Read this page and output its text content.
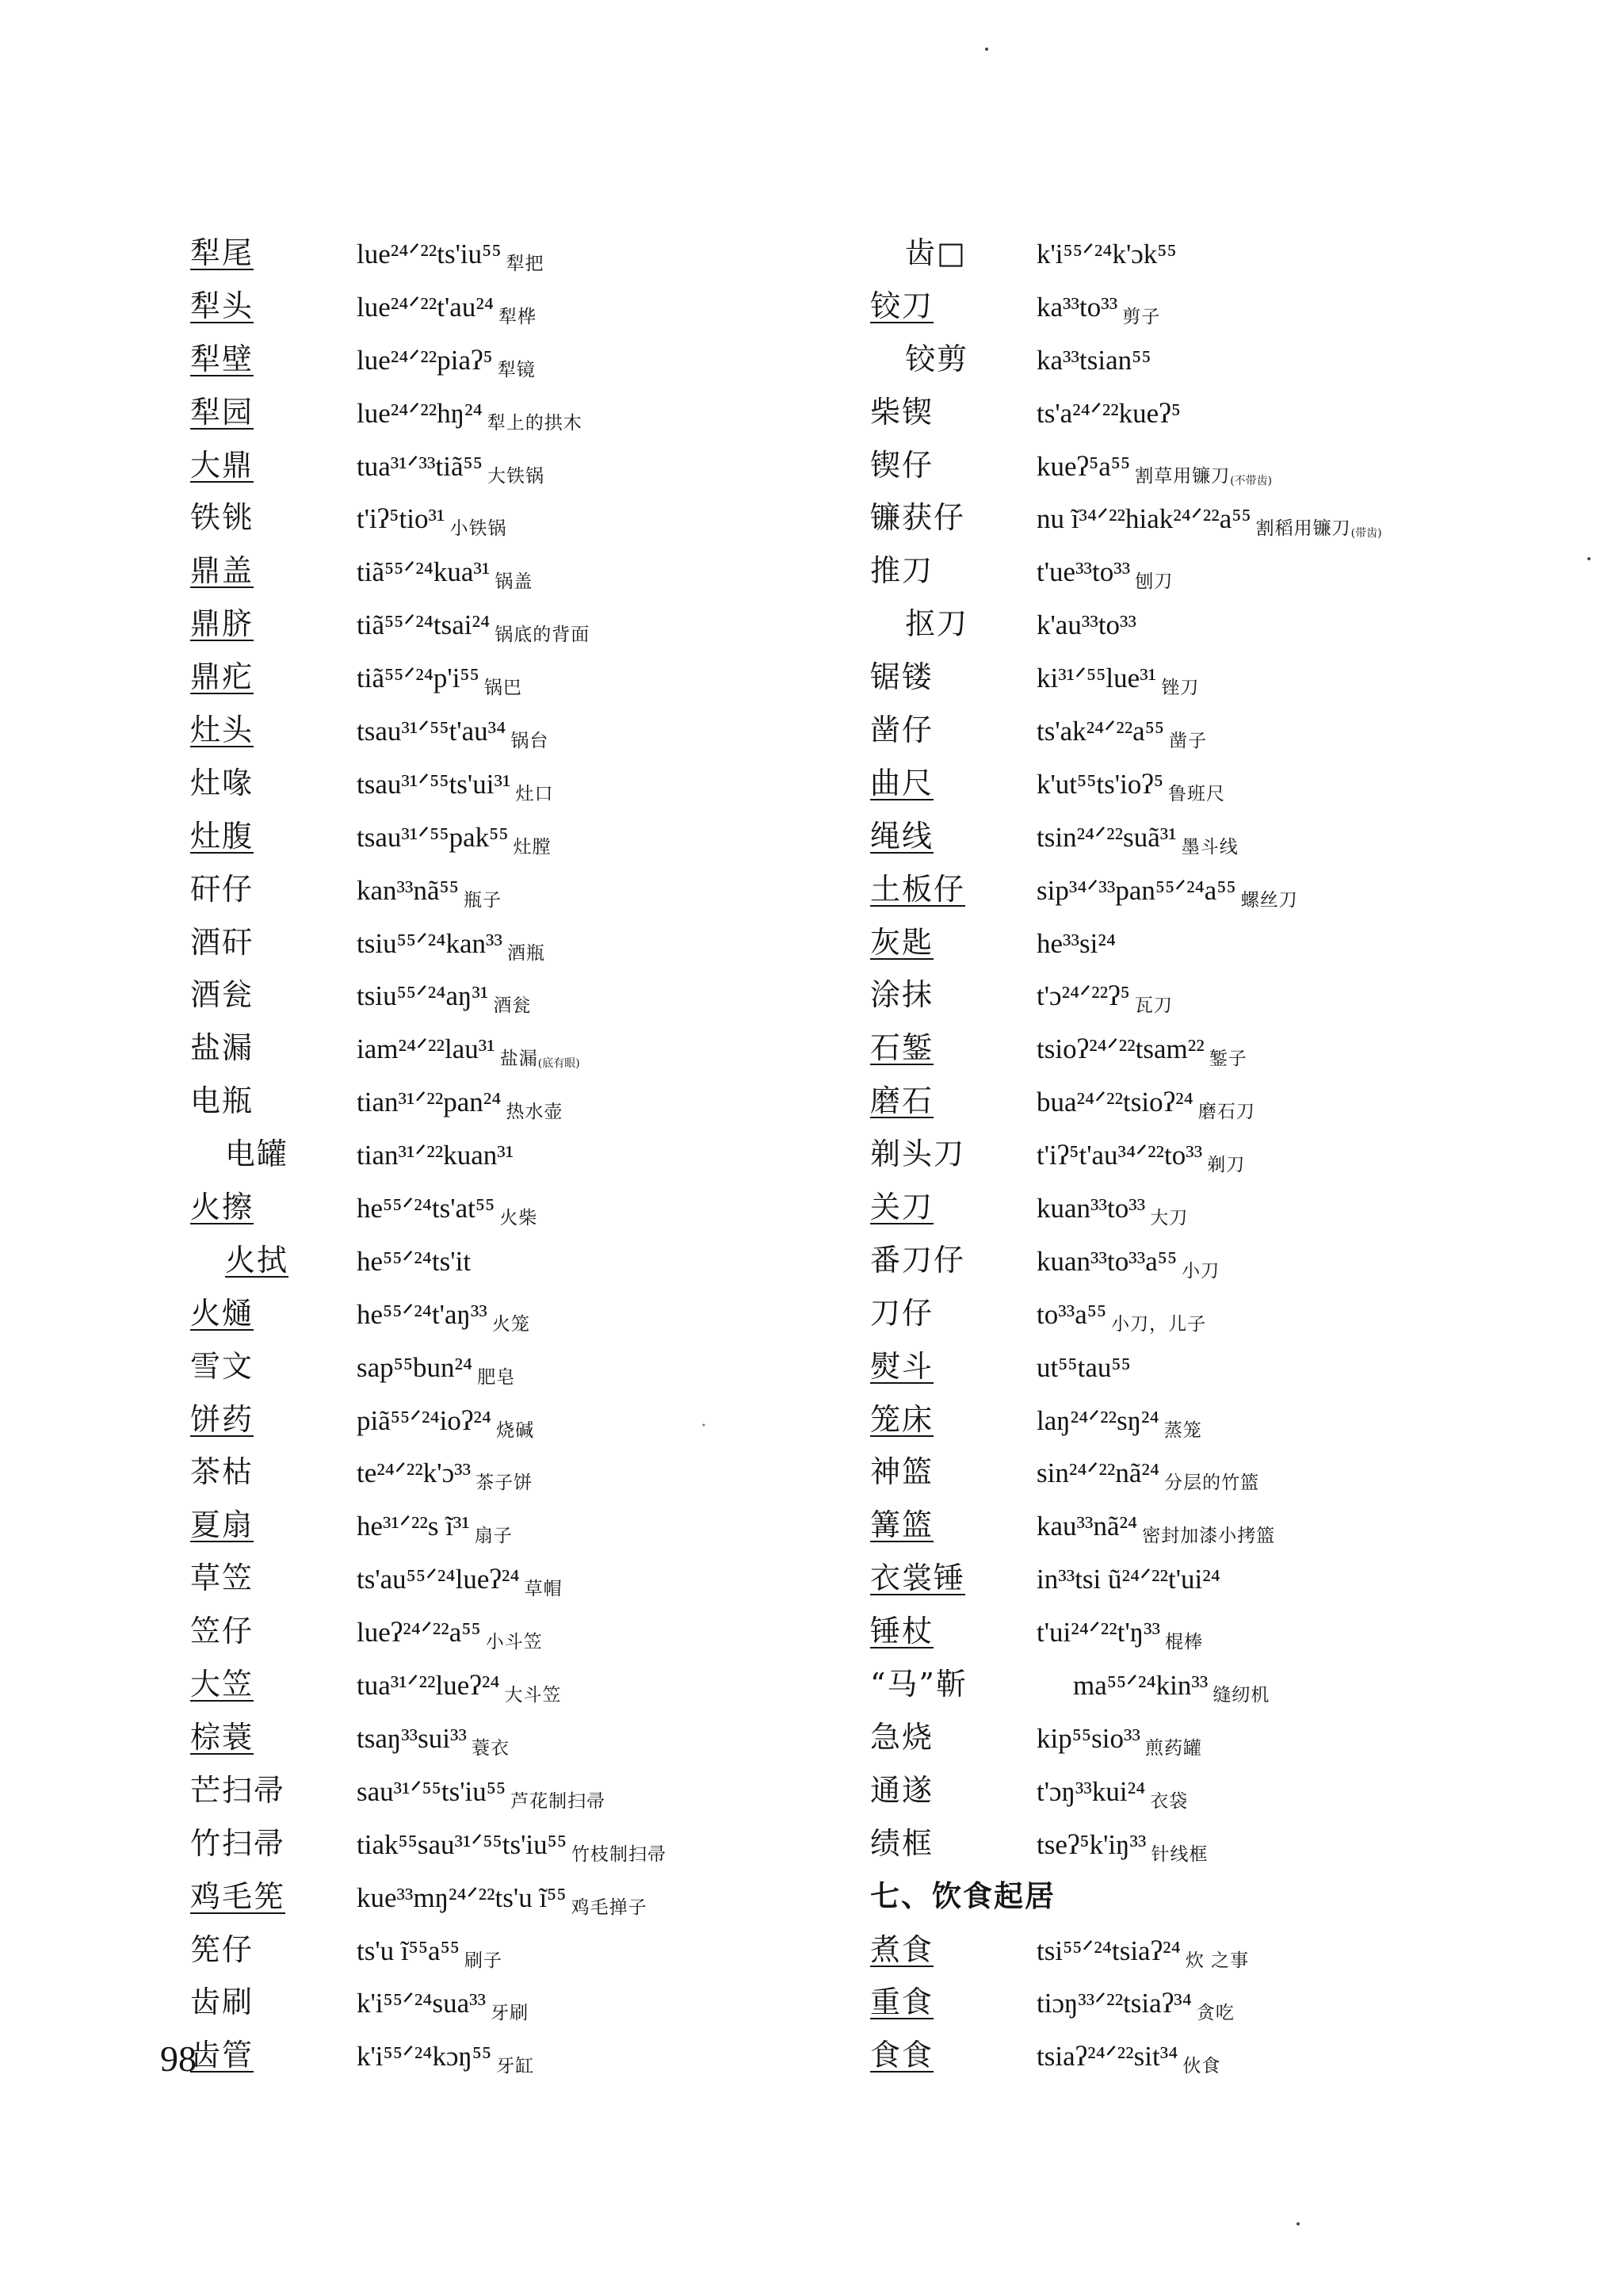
犁尾	lue²⁴ᐟ²²ts'iu⁵⁵ 犁把
犁头	lue²⁴ᐟ²²t'au²⁴ 犁桦
犁壁	lue²⁴ᐟ²²piaʔ⁵ 犁镜
犁园	lue²⁴ᐟ²²hŋ²⁴ 犁上的拱木
大鼎	tua³¹ᐟ³³tiã⁵⁵ 大铁锅
铁铫	t'iʔ⁵tio³¹ 小铁锅
鼎盖	tiã⁵⁵ᐟ²⁴kua³¹ 锅盖
鼎脐	tiã⁵⁵ᐟ²⁴tsai²⁴ 锅底的背面
鼎疕	tiã⁵⁵ᐟ²⁴p'i⁵⁵ 锅巴
灶头	tsau³¹ᐟ⁵⁵t'au³⁴ 锅台
灶喙	tsau³¹ᐟ⁵⁵ts'ui³¹ 灶口
灶腹	tsau³¹ᐟ⁵⁵pak⁵⁵ 灶膛
矸仔	kan³³nã⁵⁵ 瓶子
酒矸	tsiu⁵⁵ᐟ²⁴kan³³ 酒瓶
酒瓮	tsiu⁵⁵ᐟ²⁴aŋ³¹ 酒瓮
盐漏	iam²⁴ᐟ²²lau³¹ 盐漏 (底有眼)
电瓶	tian³¹ᐟ²²pan²⁴ 热水壶
电罐	tian³¹ᐟ²²kuan³¹
火擦	he⁵⁵ᐟ²⁴ts'at⁵⁵ 火柴
火拭	he⁵⁵ᐟ²⁴ts'it
火熥	he⁵⁵ᐟ²⁴t'aŋ³³ 火笼
雪文	sap⁵⁵bun²⁴ 肥皂
饼药	piã⁵⁵ᐟ²⁴ioʔ²⁴ 烧碱
茶枯	te²⁴ᐟ²²k'ɔ³³ 茶子饼
夏扇	he³¹ᐟ²²s ĩ³¹ 扇子
草笠	ts'au⁵⁵ᐟ²⁴lueʔ²⁴ 草帽
笠仔	lueʔ²⁴ᐟ²²a⁵⁵ 小斗笠
大笠	tua³¹ᐟ²²lueʔ²⁴ 大斗笠
棕蓑	tsaŋ³³sui³³ 蓑衣
芒扫帚	sau³¹ᐟ⁵⁵ts'iu⁵⁵ 芦花制扫帚
竹扫帚	tiak⁵⁵sau³¹ᐟ⁵⁵ts'iu⁵⁵ 竹枝制扫帚
鸡毛筅	kue³³mŋ²⁴ᐟ²²ts'u ĩ⁵⁵ 鸡毛掸子
筅仔	ts'u ĩ⁵⁵a⁵⁵ 刷子
齿刷	k'i⁵⁵ᐟ²⁴sua³³ 牙刷
齿管	k'i⁵⁵ᐟ²⁴kɔŋ⁵⁵ 牙缸
齿□	k'i⁵⁵ᐟ²⁴k'ɔk⁵⁵
铰刀	ka³³to³³ 剪子
铰剪	ka³³tsian⁵⁵
柴锲	ts'a²⁴ᐟ²²kueʔ⁵
锲仔	kueʔ⁵a⁵⁵ 割草用镰刀 (不带齿)
镰获仔	nu ĩ³⁴ᐟ²²hiak²⁴ᐟ²²a⁵⁵ 割稻用镰刀 (带齿)
推刀	t'ue³³to³³ 刨刀
抠刀	k'au³³to³³
锯镂	ki³¹ᐟ⁵⁵lue³¹ 锉刀
凿仔	ts'ak²⁴ᐟ²²a⁵⁵ 凿子
曲尺	k'ut⁵⁵ts'ioʔ⁵ 鲁班尺
绳线	tsin²⁴ᐟ²²suã³¹ 墨斗线
土板仔	sip³⁴ᐟ³³pan⁵⁵ᐟ²⁴a⁵⁵ 螺丝刀
灰匙	he³³si²⁴
涂抹	t'ɔ²⁴ᐟ²²ʔ⁵ 瓦刀
石錾	tsioʔ²⁴ᐟ²²tsam²² 錾子
磨石	bua²⁴ᐟ²²tsioʔ²⁴ 磨石刀
剃头刀	t'iʔ⁵t'au³⁴ᐟ²²to³³ 剃刀
关刀	kuan³³to³³ 大刀
番刀仔	kuan³³to³³a⁵⁵ 小刀
刀仔	to³³a⁵⁵ 小刀，儿子
熨斗	ut⁵⁵tau⁵⁵
笼床	laŋ²⁴ᐟ²²sŋ²⁴ 蒸笼
神篮	sin²⁴ᐟ²²nã²⁴ 分层的竹篮
篝篮	kau³³nã²⁴ 密封加漆小拷篮
衣裳锤	in³³tsi ũ²⁴ᐟ²²t'ui²⁴
锤杖	t'ui²⁴ᐟ²²t'ŋ³³ 棍棒
“马”靳	ma⁵⁵ᐟ²⁴kin³³ 缝纫机
急烧	kip⁵⁵sio³³ 煎药罐
通遂	t'ɔŋ³³kui²⁴ 衣袋
绩框	tseʔ⁵k'iŋ³³ 针线框
七、饮食起居
煮食	tsi⁵⁵ᐟ²⁴tsiaʔ²⁴ 炊 之事
重食	tiɔŋ³³ᐟ²²tsiaʔ³⁴ 贪吃
食食	tsiaʔ²⁴ᐟ²²sit³⁴ 伙食
98
